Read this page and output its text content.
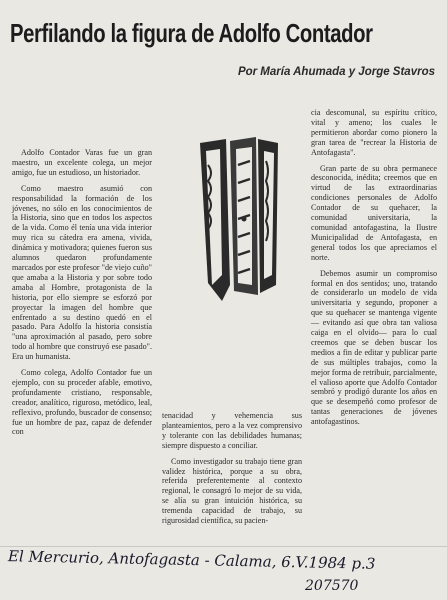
Perfilando la figura de Adolfo Contador
Por María Ahumada y Jorge Stavros

Adolfo Contador Varas fue un gran maestro, un excelente colega, un mejor amigo, fue un estudioso, un historiador.

Como maestro asumió con responsabilidad la formación de los jóvenes, no sólo en los conocimientos de la Historia, sino que en todos los aspectos de la vida. Como él tenía una vida interior muy rica su cátedra era amena, vivida, dinámica y motivadora; quienes fueron sus alumnos quedaron profundamente marcados por este profesor "de viejo cuño" que amaba a la Historia y por sobre todo amaba al Hombre, protagonista de la historia, por ello siempre se esforzó por proyectar la imagen del hombre que enfrentado a su destino quedó en el pasado. Para Adolfo la historia consistía "una aproximación al pasado, pero sobre todo al hombre que construyó ese pasado". Era un humanista.

Como colega, Adolfo Contador fue un ejemplo, con su proceder afable, emotivo, profundamente cristiano, responsable, creador, analítico, riguroso, metódico, leal, reflexivo, profundo, buscador de consenso; fue un hombre de paz, capaz de defender con

tenacidad y vehemencia sus planteamientos, pero a la vez comprensivo y tolerante con las debilidades humanas; siempre dispuesto a conciliar.

Como investigador su trabajo tiene gran validez histórica, porque a su obra, referida preferentemente al contexto regional, le consagró lo mejor de su vida, se alía su gran intuición histórica, su tremenda capacidad de trabajo, su rigurosidad científica, su pacien-

cia descomunal, su espíritu crítico, vital y ameno; los cuales le permitieron abordar como pionero la gran tarea de "recrear la Historia de Antofagasta".

Gran parte de su obra permanece desconocida, inédita; creemos que en virtud de las extraordinarias condiciones personales de Adolfo Contador de su quehacer, la comunidad universitaria, la comunidad antofagastina, la Ilustre Municipalidad de Antofagasta, en general todos los que apreciamos el norte.

Debemos asumir un compromiso formal en dos sentidos; uno, tratando de considerarlo un modelo de vida universitaria y segundo, proponer a que su quehacer se mantenga vigente — evitando así que obra tan valiosa caiga en el olvido— para lo cual creemos que se deben buscar los medios a fin de editar y publicar parte de sus múltiples trabajos, como la mejor forma de retribuir, parcialmente, el valioso aporte que Adolfo Contador sembró y prodigó durante los años en que se desempeñó como profesor de tantas generaciones de jóvenes antofagastinos.

El Mercurio, Antofagasta - Calama, 6.V.1984 p.3
207570
